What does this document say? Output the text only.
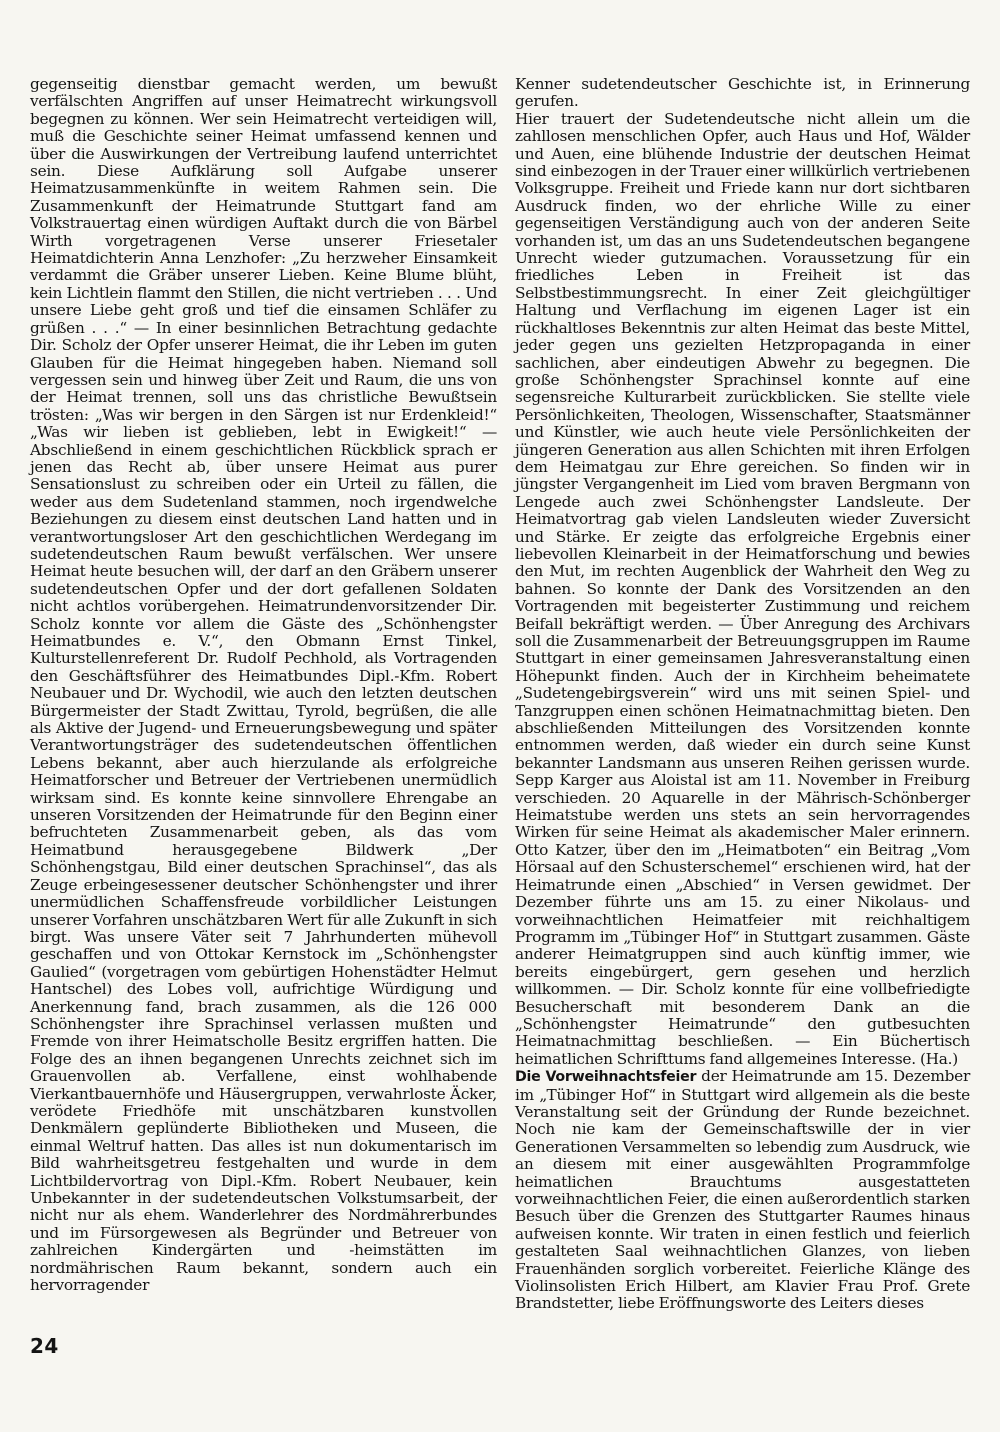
gegenseitig dienstbar gemacht werden, um bewußt verfälschten Angriffen auf unser Heimatrecht wirkungsvoll begegnen zu können. Wer sein Heimatrecht verteidigen will, muß die Geschichte seiner Heimat umfassend kennen und über die Auswirkungen der Vertreibung laufend unterrichtet sein. Diese Aufklärung soll Aufgabe unserer Heimatzusammenkünfte in weitem Rahmen sein. Die Zusammenkunft der Heimatrunde Stuttgart fand am Volkstrauertag einen würdigen Auftakt durch die von Bärbel Wirth vorgetragenen Verse unserer Friesetaler Heimatdichterin Anna Lenzhofer: „Zu herzweher Einsamkeit verdammt die Gräber unserer Lieben. Keine Blume blüht, kein Lichtlein flammt den Stillen, die nicht vertrieben . . . Und unsere Liebe geht groß und tief die einsamen Schläfer zu grüßen . . .“ — In einer besinnlichen Betrachtung gedachte Dir. Scholz der Opfer unserer Heimat, die ihr Leben im guten Glauben für die Heimat hingegeben haben. Niemand soll vergessen sein und hinweg über Zeit und Raum, die uns von der Heimat trennen, soll uns das christliche Bewußtsein trösten: „Was wir bergen in den Särgen ist nur Erdenkleid!“ „Was wir lieben ist geblieben, lebt in Ewigkeit!“ — Abschließend in einem geschichtlichen Rückblick sprach er jenen das Recht ab, über unsere Heimat aus purer Sensationslust zu schreiben oder ein Urteil zu fällen, die weder aus dem Sudetenland stammen, noch irgendwelche Beziehungen zu diesem einst deutschen Land hatten und in verantwortungsloser Art den geschichtlichen Werdegang im sudetendeutschen Raum bewußt verfälschen. Wer unsere Heimat heute besuchen will, der darf an den Gräbern unserer sudetendeutschen Opfer und der dort gefallenen Soldaten nicht achtlos vorübergehen. Heimatrundenvorsitzender Dir. Scholz konnte vor allem die Gäste des „Schönhengster Heimatbundes e. V.“, den Obmann Ernst Tinkel, Kulturstellenreferent Dr. Rudolf Pechhold, als Vortragenden den Geschäftsführer des Heimatbundes Dipl.-Kfm. Robert Neubauer und Dr. Wychodil, wie auch den letzten deutschen Bürgermeister der Stadt Zwittau, Tyrold, begrüßen, die alle als Aktive der Jugend- und Erneuerungsbewegung und später Verantwortungsträger des sudetendeutschen öffentlichen Lebens bekannt, aber auch hierzulande als erfolgreiche Heimatforscher und Betreuer der Vertriebenen unermüdlich wirksam sind. Es konnte keine sinnvollere Ehrengabe an unseren Vorsitzenden der Heimatrunde für den Beginn einer befruchteten Zusammenarbeit geben, als das vom Heimatbund herausgegebene Bildwerk „Der Schönhengstgau, Bild einer deutschen Sprachinsel“, das als Zeuge erbeingesessener deutscher Schönhengster und ihrer unermüdlichen Schaffensfreude vorbildlicher Leistungen unserer Vorfahren unschätzbaren Wert für alle Zukunft in sich birgt. Was unsere Väter seit 7 Jahrhunderten mühevoll geschaffen und von Ottokar Kernstock im „Schönhengster Gaulied“ (vorgetragen vom gebürtigen Hohenstädter Helmut Hantschel) des Lobes voll, aufrichtige Würdigung und Anerkennung fand, brach zusammen, als die 126 000 Schönhengster ihre Sprachinsel verlassen mußten und Fremde von ihrer Heimatscholle Besitz ergriffen hatten. Die Folge des an ihnen begangenen Unrechts zeichnet sich im Grauenvollen ab. Verfallene, einst wohlhabende Vierkantbauernhöfe und Häusergruppen, verwahrloste Äcker, verödete Friedhöfe mit unschätzbaren kunstvollen Denkmälern geplünderte Bibliotheken und Museen, die einmal Weltruf hatten. Das alles ist nun dokumentarisch im Bild wahrheitsgetreu festgehalten und wurde in dem Lichtbildervortrag von Dipl.-Kfm. Robert Neubauer, kein Unbekannter in der sudetendeutschen Volkstumsarbeit, der nicht nur als ehem. Wanderlehrer des Nordmährerbundes und im Fürsorgewesen als Begründer und Betreuer von zahlreichen Kindergärten und -heimstätten im nordmährischen Raum bekannt, sondern auch ein hervorragender

Kenner sudetendeutscher Geschichte ist, in Erinnerung gerufen.

Hier trauert der Sudetendeutsche nicht allein um die zahllosen menschlichen Opfer, auch Haus und Hof, Wälder und Auen, eine blühende Industrie der deutschen Heimat sind einbezogen in der Trauer einer willkürlich vertriebenen Volksgruppe. Freiheit und Friede kann nur dort sichtbaren Ausdruck finden, wo der ehrliche Wille zu einer gegenseitigen Verständigung auch von der anderen Seite vorhanden ist, um das an uns Sudetendeutschen begangene Unrecht wieder gutzumachen. Voraussetzung für ein friedliches Leben in Freiheit ist das Selbstbestimmungsrecht. In einer Zeit gleichgültiger Haltung und Verflachung im eigenen Lager ist ein rückhaltloses Bekenntnis zur alten Heimat das beste Mittel, jeder gegen uns gezielten Hetzpropaganda in einer sachlichen, aber eindeutigen Abwehr zu begegnen. Die große Schönhengster Sprachinsel konnte auf eine segensreiche Kulturarbeit zurückblicken. Sie stellte viele Persönlichkeiten, Theologen, Wissenschafter, Staatsmänner und Künstler, wie auch heute viele Persönlichkeiten der jüngeren Generation aus allen Schichten mit ihren Erfolgen dem Heimatgau zur Ehre gereichen. So finden wir in jüngster Vergangenheit im Lied vom braven Bergmann von Lengede auch zwei Schönhengster Landsleute. Der Heimatvortrag gab vielen Landsleuten wieder Zuversicht und Stärke. Er zeigte das erfolgreiche Ergebnis einer liebevollen Kleinarbeit in der Heimatforschung und bewies den Mut, im rechten Augenblick der Wahrheit den Weg zu bahnen. So konnte der Dank des Vorsitzenden an den Vortragenden mit begeisterter Zustimmung und reichem Beifall bekräftigt werden. — Über Anregung des Archivars soll die Zusammenarbeit der Betreuungsgruppen im Raume Stuttgart in einer gemeinsamen Jahresveranstaltung einen Höhepunkt finden. Auch der in Kirchheim beheimatete „Sudetengebirgsverein“ wird uns mit seinen Spiel- und Tanzgruppen einen schönen Heimatnachmittag bieten. Den abschließenden Mitteilungen des Vorsitzenden konnte entnommen werden, daß wieder ein durch seine Kunst bekannter Landsmann aus unseren Reihen gerissen wurde. Sepp Karger aus Aloistal ist am 11. November in Freiburg verschieden. 20 Aquarelle in der Mährisch-Schönberger Heimatstube werden uns stets an sein hervorragendes Wirken für seine Heimat als akademischer Maler erinnern. Otto Katzer, über den im „Heimatboten“ ein Beitrag „Vom Hörsaal auf den Schusterschemel“ erschienen wird, hat der Heimatrunde einen „Abschied“ in Versen gewidmet. Der Dezember führte uns am 15. zu einer Nikolaus- und vorweihnachtlichen Heimatfeier mit reichhaltigem Programm im „Tübinger Hof“ in Stuttgart zusammen. Gäste anderer Heimatgruppen sind auch künftig immer, wie bereits eingebürgert, gern gesehen und herzlich willkommen. — Dir. Scholz konnte für eine vollbefriedigte Besucherschaft mit besonderem Dank an die „Schönhengster Heimatrunde“ den gutbesuchten Heimatnachmittag beschließen. — Ein Büchertisch heimatlichen Schrifttums fand allgemeines Interesse. (Ha.)

Die Vorweihnachtsfeier der Heimatrunde am 15. Dezember im „Tübinger Hof“ in Stuttgart wird allgemein als die beste Veranstaltung seit der Gründung der Runde bezeichnet. Noch nie kam der Gemeinschaftswille der in vier Generationen Versammelten so lebendig zum Ausdruck, wie an diesem mit einer ausgewählten Programmfolge heimatlichen Brauchtums ausgestatteten vorweihnachtlichen Feier, die einen außerordentlich starken Besuch über die Grenzen des Stuttgarter Raumes hinaus aufweisen konnte. Wir traten in einen festlich und feierlich gestalteten Saal weihnachtlichen Glanzes, von lieben Frauenhänden sorglich vorbereitet. Feierliche Klänge des Violinsolisten Erich Hilbert, am Klavier Frau Prof. Grete Brandstetter, liebe Eröffnungsworte des Leiters dieses

24
